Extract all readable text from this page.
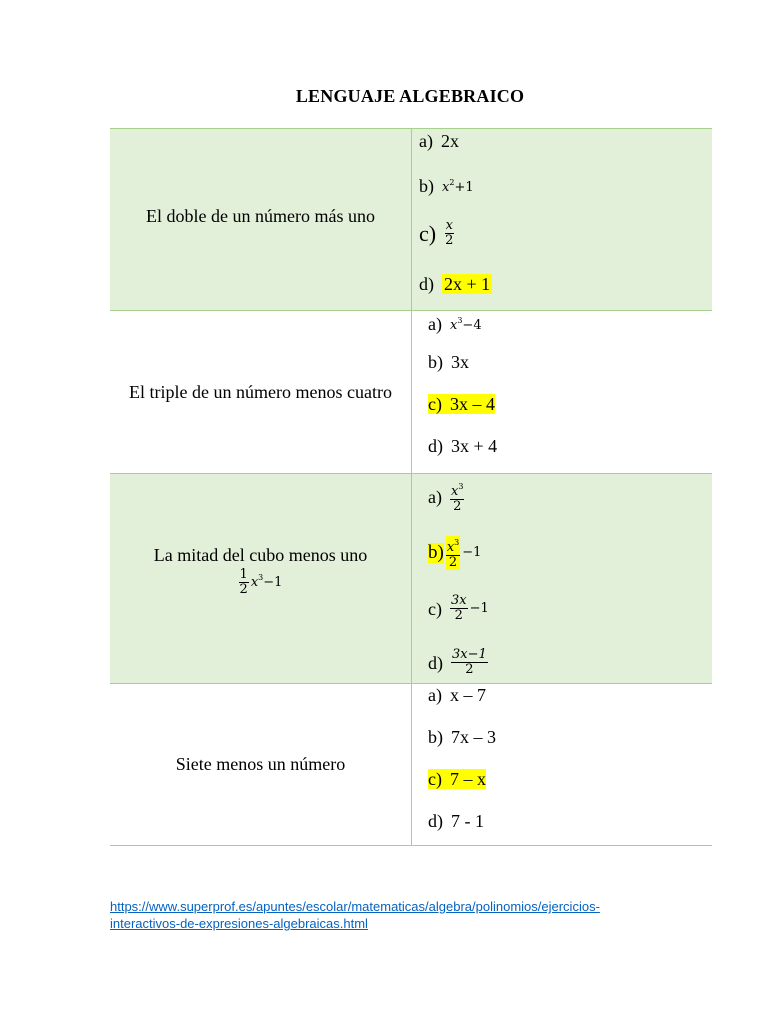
LENGUAJE ALGEBRAICO
El doble de un número más uno
a) 2x
b) $x^2+1$
$c) \frac{x}{2}$
d) 2x + 1
El triple de un número menos cuatro
a) $x^3-4$
b) 3x
c) 3x – 4
d) 3x + 4
La mitad del cubo menos uno
$\frac{1}{2} x^3-1$
$a) \frac{x^3}{2}$
$b) \frac{x^3}{2} -1$
$c) \frac{3x}{2} -1$
$d) \frac{3x-1}{2}$
Siete menos un número
a) x – 7
b) 7x – 3
c) 7 – x
d) 7 - 1
https://www.superprof.es/apuntes/escolar/matematicas/algebra/polinomios/ejercicios-
interactivos-de-expresiones-algebraicas.html
